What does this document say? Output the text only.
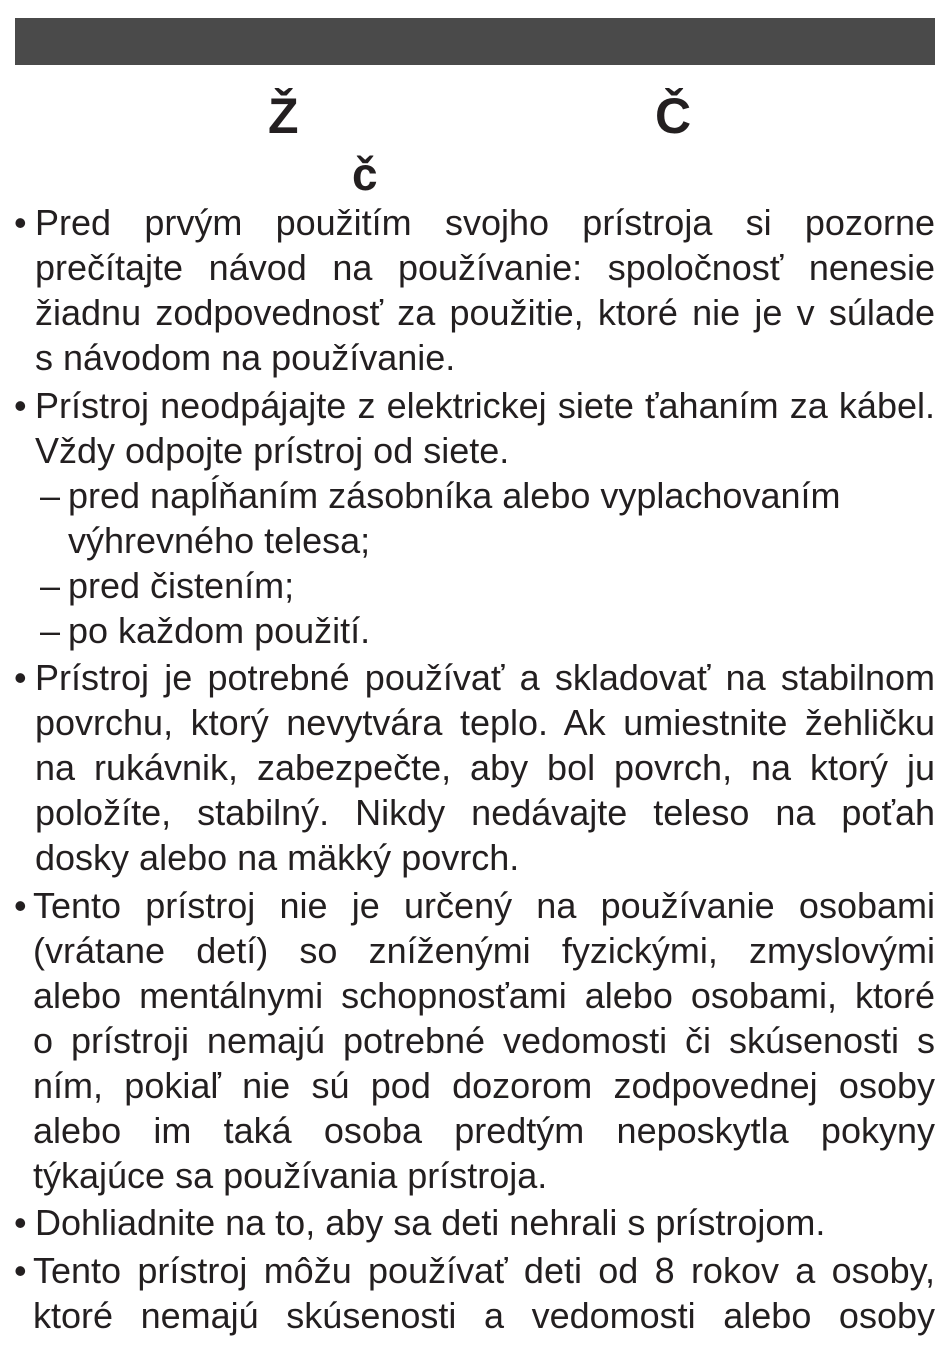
Ž	Č
č
• Pred prvým použitím svojho prístroja si pozorne
prečítajte návod na používanie: spoločnosť nenesie
žiadnu zodpovednosť za použitie, ktoré nie je v súlade
s návodom na používanie.
• Prístroj neodpájajte z elektrickej siete ťahaním za kábel.
Vždy odpojte prístroj od siete.
– pred napĺňaním zásobníka alebo vyplachovaním
výhrevného telesa;
– pred čistením;
– po každom použití.
• Prístroj je potrebné používať a skladovať na stabilnom
povrchu, ktorý nevytvára teplo. Ak umiestnite žehličku
na rukávnik, zabezpečte, aby bol povrch, na ktorý ju
položíte, stabilný. Nikdy nedávajte teleso na poťah
dosky alebo na mäkký povrch.
• Tento prístroj nie je určený na používanie osobami
(vrátane detí) so zníženými fyzickými, zmyslovými
alebo mentálnymi schopnosťami alebo osobami, ktoré
o prístroji nemajú potrebné vedomosti či skúsenosti s
ním, pokiaľ nie sú pod dozorom zodpovednej osoby
alebo im taká osoba predtým neposkytla pokyny
týkajúce sa používania prístroja.
• Dohliadnite na to, aby sa deti nehrali s prístrojom.
• Tento prístroj môžu používať deti od 8 rokov a osoby,
ktoré nemajú skúsenosti a vedomosti alebo osoby
